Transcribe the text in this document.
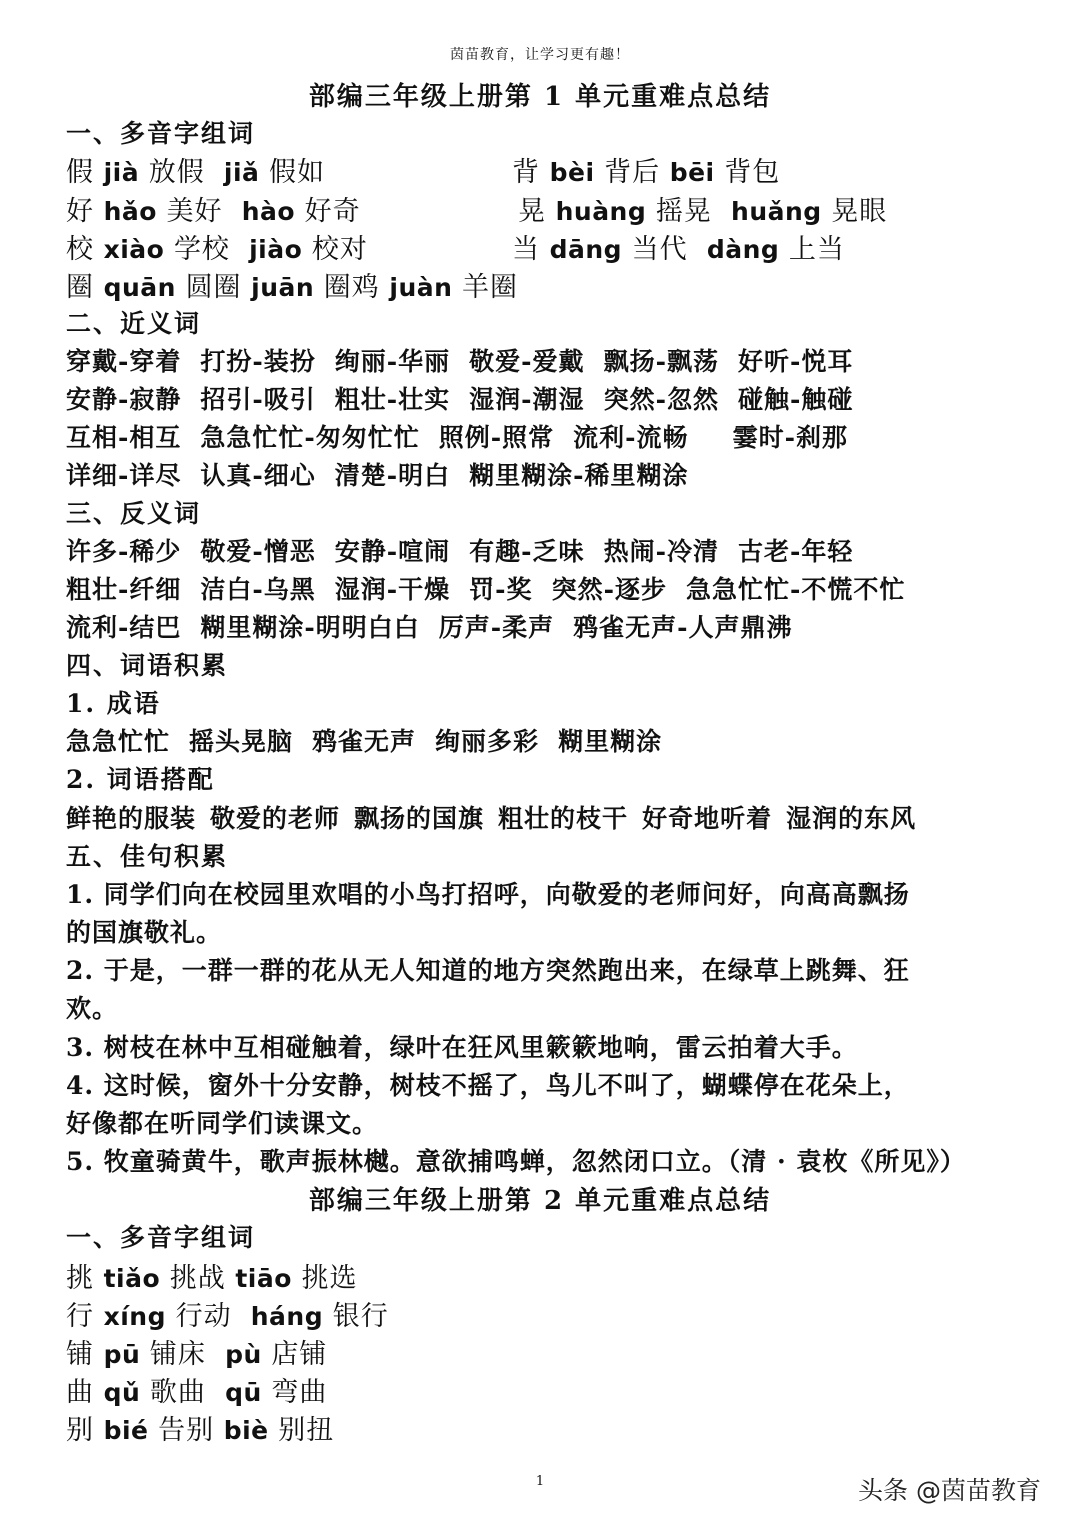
茵苗教育，让学习更有趣！
部编三年级上册第 1 单元重难点总结
一、多音字组词
假 jià 放假 jiǎ 假如	背 bèi 背后 bēi 背包
好 hǎo 美好 hào 好奇	晃 huàng 摇晃 huǎng 晃眼
校 xiào 学校 jiào 校对	当 dāng 当代 dàng 上当
圈 quān 圆圈 juān 圈鸡 juàn 羊圈
二、近义词
穿戴-穿着 打扮-装扮 绚丽-华丽 敬爱-爱戴 飘扬-飘荡 好听-悦耳
安静-寂静 招引-吸引 粗壮-壮实 湿润-潮湿 突然-忽然 碰触-触碰
互相-相互 急急忙忙-匆匆忙忙 照例-照常 流利-流畅 霎时-刹那
详细-详尽 认真-细心 清楚-明白 糊里糊涂-稀里糊涂
三、反义词
许多-稀少 敬爱-憎恶 安静-喧闹 有趣-乏味 热闹-冷清 古老-年轻
粗壮-纤细 洁白-乌黑 湿润-干燥 罚-奖 突然-逐步 急急忙忙-不慌不忙
流利-结巴 糊里糊涂-明明白白 厉声-柔声 鸦雀无声-人声鼎沸
四、词语积累
1. 成语
急急忙忙 摇头晃脑 鸦雀无声 绚丽多彩 糊里糊涂
2. 词语搭配
鲜艳的服装 敬爱的老师 飘扬的国旗 粗壮的枝干 好奇地听着 湿润的东风
五、佳句积累
1. 同学们向在校园里欢唱的小鸟打招呼，向敬爱的老师问好，向高高飘扬
的国旗敬礼。
2. 于是，一群一群的花从无人知道的地方突然跑出来，在绿草上跳舞、狂
欢。
3. 树枝在林中互相碰触着，绿叶在狂风里簌簌地响，雷云拍着大手。
4. 这时候，窗外十分安静，树枝不摇了，鸟儿不叫了，蝴蝶停在花朵上，
好像都在听同学们读课文。
5. 牧童骑黄牛，歌声振林樾。意欲捕鸣蝉，忽然闭口立。（清 · 袁枚《所见》）
部编三年级上册第 2 单元重难点总结
一、多音字组词
挑 tiǎo 挑战 tiāo 挑选
行 xíng 行动 háng 银行
铺 pū 铺床 pù 店铺
曲 qǔ 歌曲 qū 弯曲
别 bié 告别 biè 别扭
1	头条 @茵苗教育
